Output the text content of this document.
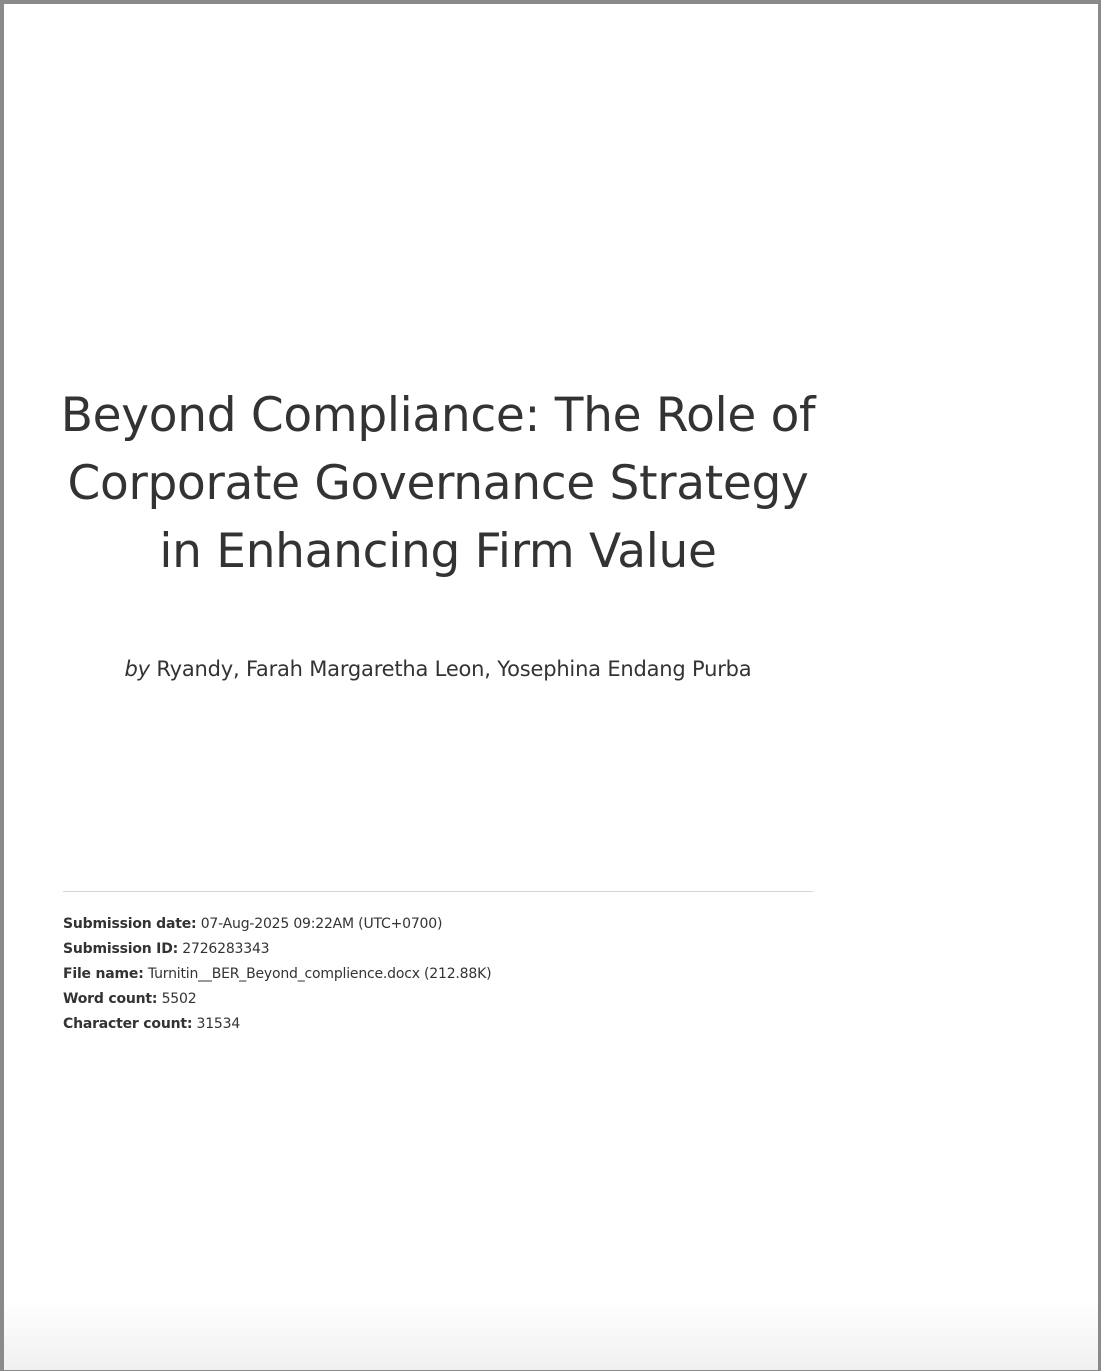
Beyond Compliance: The Role of Corporate Governance Strategy in Enhancing Firm Value
by Ryandy, Farah Margaretha Leon, Yosephina Endang Purba
Submission date: 07-Aug-2025 09:22AM (UTC+0700)
Submission ID: 2726283343
File name: Turnitin__BER_Beyond_complience.docx (212.88K)
Word count: 5502
Character count: 31534
